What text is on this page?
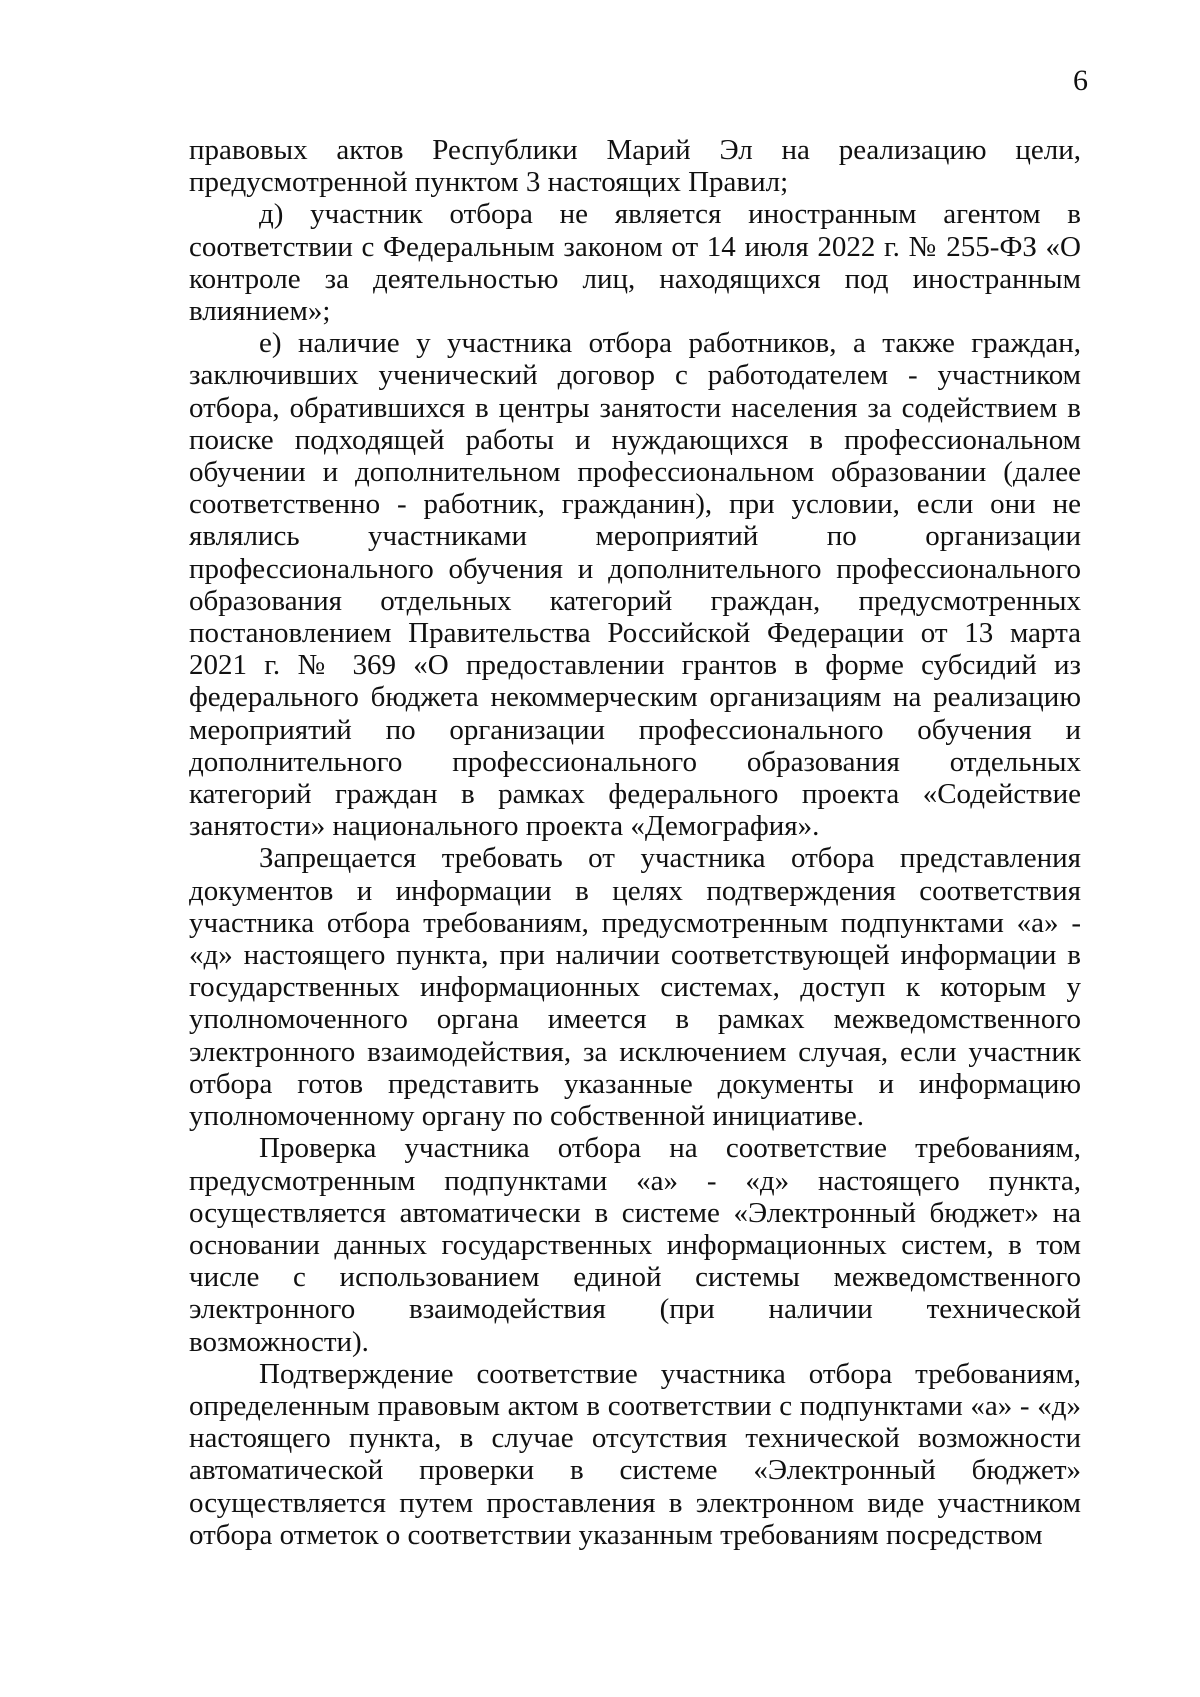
6

правовых актов Республики Марий Эл на реализацию цели, предусмотренной пунктом 3 настоящих Правил;

д) участник отбора не является иностранным агентом в соответствии с Федеральным законом от 14 июля 2022 г. № 255-ФЗ «О контроле за деятельностью лиц, находящихся под иностранным влиянием»;

е) наличие у участника отбора работников, а также граждан, заключивших ученический договор с работодателем - участником отбора, обратившихся в центры занятости населения за содействием в поиске подходящей работы и нуждающихся в профессиональном обучении и дополнительном профессиональном образовании (далее соответственно - работник, гражданин), при условии, если они не являлись участниками мероприятий по организации профессионального обучения и дополнительного профессионального образования отдельных категорий граждан, предусмотренных постановлением Правительства Российской Федерации от 13 марта 2021 г. № 369 «О предоставлении грантов в форме субсидий из федерального бюджета некоммерческим организациям на реализацию мероприятий по организации профессионального обучения и дополнительного профессионального образования отдельных категорий граждан в рамках федерального проекта «Содействие занятости» национального проекта «Демография».

Запрещается требовать от участника отбора представления документов и информации в целях подтверждения соответствия участника отбора требованиям, предусмотренным подпунктами «а» - «д» настоящего пункта, при наличии соответствующей информации в государственных информационных системах, доступ к которым у уполномоченного органа имеется в рамках межведомственного электронного взаимодействия, за исключением случая, если участник отбора готов представить указанные документы и информацию уполномоченному органу по собственной инициативе.

Проверка участника отбора на соответствие требованиям, предусмотренным подпунктами «а» - «д» настоящего пункта, осуществляется автоматически в системе «Электронный бюджет» на основании данных государственных информационных систем, в том числе с использованием единой системы межведомственного электронного взаимодействия (при наличии технической возможности).

Подтверждение соответствие участника отбора требованиям, определенным правовым актом в соответствии с подпунктами «а» - «д» настоящего пункта, в случае отсутствия технической возможности автоматической проверки в системе «Электронный бюджет» осуществляется путем проставления в электронном виде участником отбора отметок о соответствии указанным требованиям посредством
